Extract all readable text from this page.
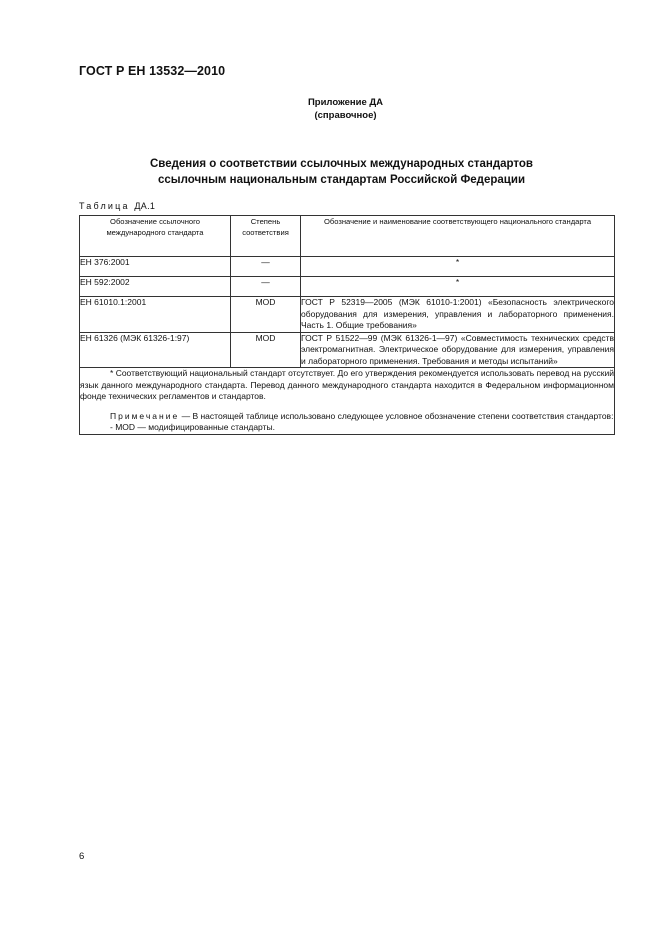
ГОСТ Р ЕН 13532—2010
Приложение ДА
(справочное)
Сведения о соответствии ссылочных международных стандартов
ссылочным национальным стандартам Российской Федерации
Таблица ДА.1
Обозначение ссылочного международного стандарта	Степень соответствия	Обозначение и наименование соответствующего национального стандарта
ЕН 376:2001	—	*
ЕН 592:2002	—	*
ЕН 61010.1:2001	MOD	ГОСТ Р 52319—2005 (МЭК 61010-1:2001) «Безопасность электрического оборудования для измерения, управления и лабораторного применения. Часть 1. Общие требования»
ЕН 61326 (МЭК 61326-1:97)	MOD	ГОСТ Р 51522—99 (МЭК 61326-1—97) «Совместимость технических средств электромагнитная. Электрическое оборудование для измерения, управления и лабораторного применения. Требования и методы испытаний»

* Соответствующий национальный стандарт отсутствует. До его утверждения рекомендуется использовать перевод на русский язык данного международного стандарта. Перевод данного международного стандарта находится в Федеральном информационном фонде технических регламентов и стандартов.
Примечание — В настоящей таблице использовано следующее условное обозначение степени соответствия стандартов:
- MOD — модифицированные стандарты.		
6
